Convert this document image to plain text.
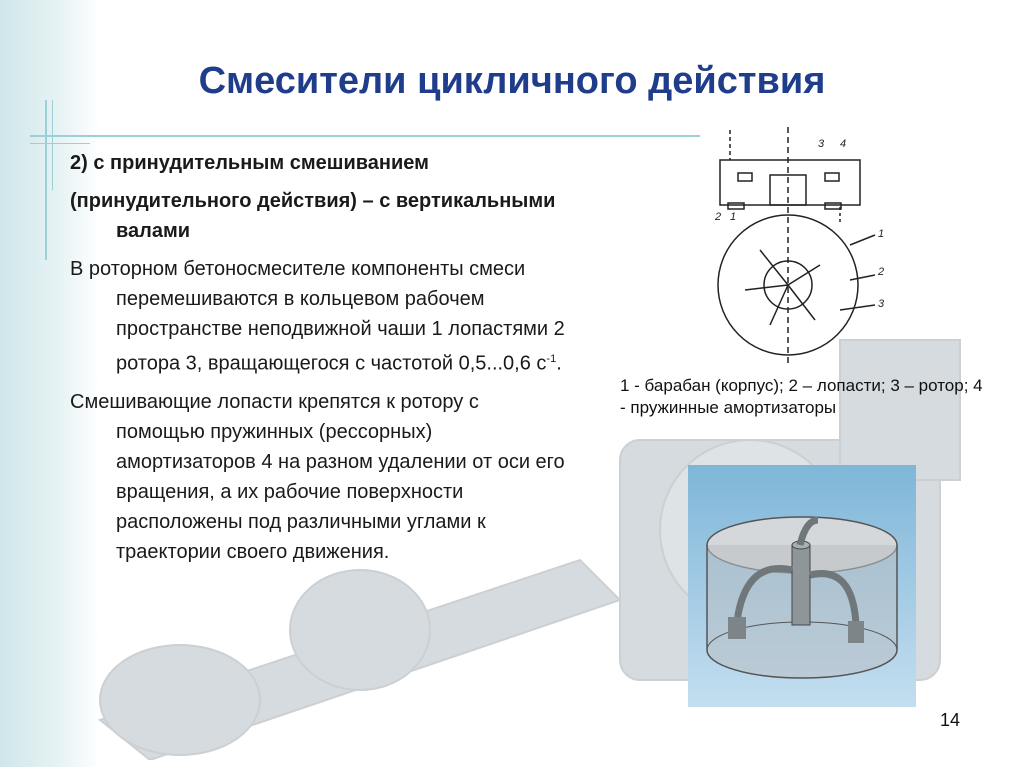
Смесители цикличного действия

2) с принудительным смешиванием

(принудительного действия) – с вертикальными валами

В роторном бетоносмесителе компоненты смеси перемешиваются в кольцевом рабочем пространстве неподвижной чаши 1 лопастями 2 ротора 3, вращающегося с частотой 0,5...0,6 $с^{-1}$.

Смешивающие лопасти крепятся к ротору с помощью пружинных (рессорных) амортизаторов 4 на разном удалении от оси его вращения, а их рабочие поверхности расположены под различными углами к траектории своего движения.

2 1
3 4
1
2
3
1 - барабан (корпус); 2 – лопасти; 3 – ротор; 4 - пружинные амортизаторы
14
